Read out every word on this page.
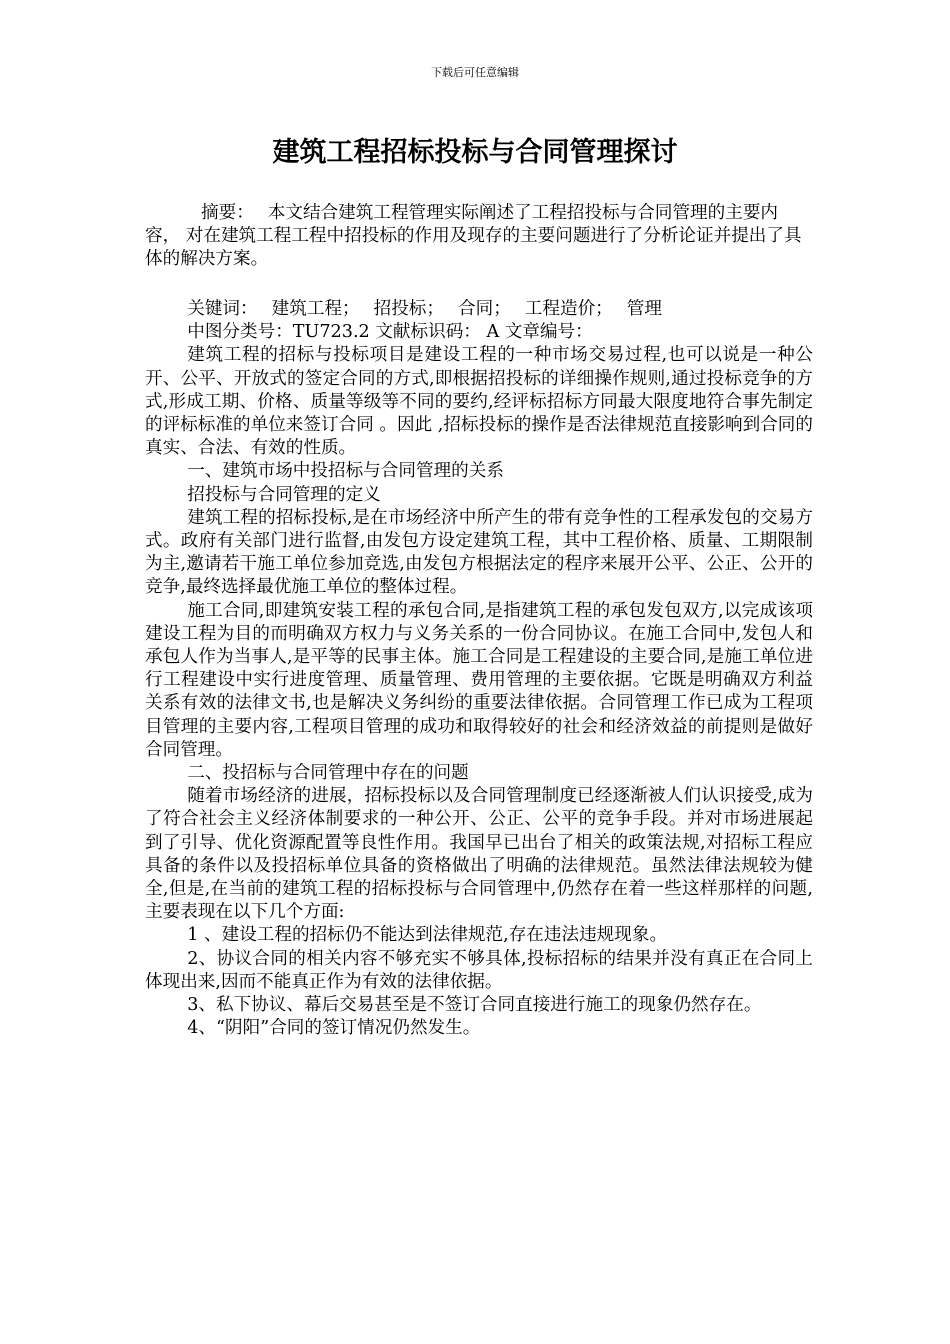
下载后可任意编辑
建筑工程招标投标与合同管理探讨
摘要： 本文结合建筑工程管理实际阐述了工程招投标与合同管理的主要内容， 对在建筑工程工程中招投标的作用及现存的主要问题进行了分析论证并提出了具体的解决方案。

关键词： 建筑工程； 招投标； 合同； 工程造价； 管理

中图分类号：TU723.2 文献标识码： A 文章编号：

建筑工程的招标与投标项目是建设工程的一种市场交易过程,也可以说是一种公开、公平、开放式的签定合同的方式,即根据招投标的详细操作规则,通过投标竞争的方式,形成工期、价格、质量等级等不同的要约,经评标招标方同最大限度地符合事先制定的评标标准的单位来签订合同 。因此 ,招标投标的操作是否法律规范直接影响到合同的真实、合法、有效的性质。

一、建筑市场中投招标与合同管理的关系

招投标与合同管理的定义

建筑工程的招标投标,是在市场经济中所产生的带有竞争性的工程承发包的交易方式。政府有关部门进行监督,由发包方设定建筑工程，其中工程价格、质量、工期限制为主,邀请若干施工单位参加竞选,由发包方根据法定的程序来展开公平、公正、公开的竞争,最终选择最优施工单位的整体过程。

施工合同,即建筑安装工程的承包合同,是指建筑工程的承包发包双方,以完成该项建设工程为目的而明确双方权力与义务关系的一份合同协议。在施工合同中,发包人和承包人作为当事人,是平等的民事主体。施工合同是工程建设的主要合同,是施工单位进行工程建设中实行进度管理、质量管理、费用管理的主要依据。它既是明确双方利益关系有效的法律文书,也是解决义务纠纷的重要法律依据。合同管理工作已成为工程项目管理的主要内容,工程项目管理的成功和取得较好的社会和经济效益的前提则是做好合同管理。

二、投招标与合同管理中存在的问题

随着市场经济的进展，招标投标以及合同管理制度已经逐渐被人们认识接受,成为了符合社会主义经济体制要求的一种公开、公正、公平的竞争手段。并对市场进展起到了引导、优化资源配置等良性作用。我国早已出台了相关的政策法规,对招标工程应具备的条件以及投招标单位具备的资格做出了明确的法律规范。虽然法律法规较为健全,但是,在当前的建筑工程的招标投标与合同管理中,仍然存在着一些这样那样的问题,主要表现在以下几个方面:

1 、建设工程的招标仍不能达到法律规范,存在违法违规现象。

2、协议合同的相关内容不够充实不够具体,投标招标的结果并没有真正在合同上体现出来,因而不能真正作为有效的法律依据。

3、私下协议、幕后交易甚至是不签订合同直接进行施工的现象仍然存在。

4、“阴阳”合同的签订情况仍然发生。
